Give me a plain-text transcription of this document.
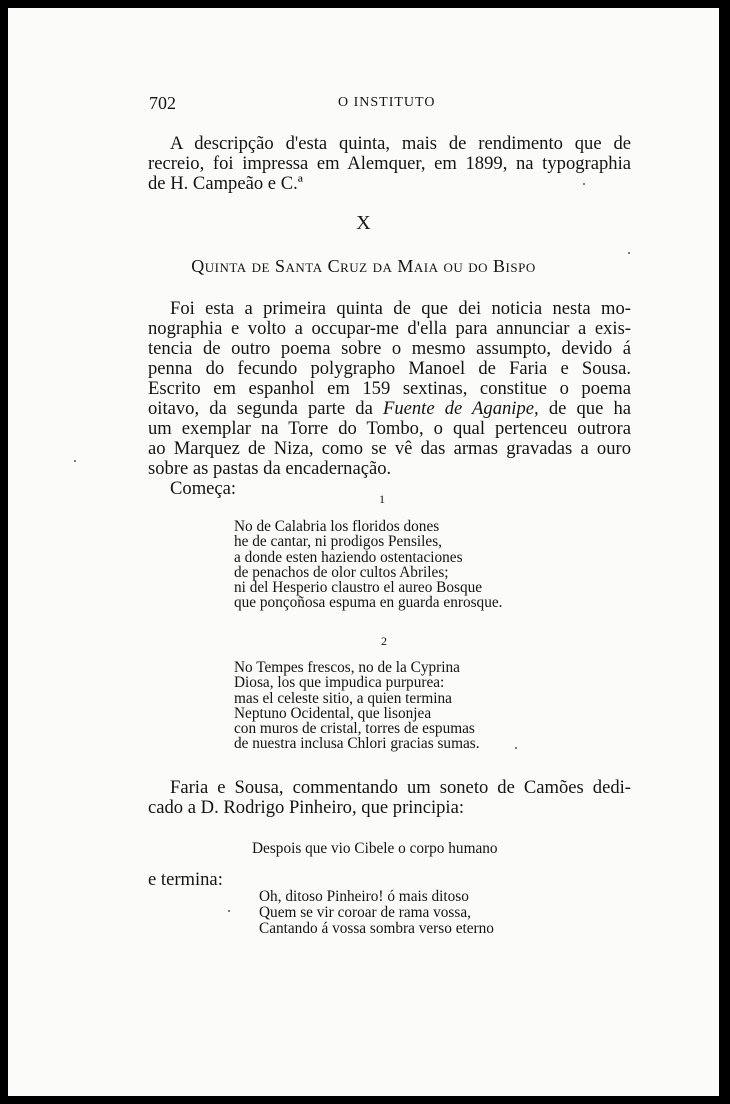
702	O INSTITUTO
A descripção d'esta quinta, mais de rendimento que de
recreio, foi impressa em Alemquer, em 1899, na typographia
de H. Campeão e C.ª

X

Quinta de Santa Cruz da Maia ou do Bispo

Foi esta a primeira quinta de que dei noticia nesta mo-
nographia e volto a occupar-me d'ella para annunciar a exis-
tencia de outro poema sobre o mesmo assumpto, devido á
penna do fecundo polygrapho Manoel de Faria e Sousa.
Escrito em espanhol em 159 sextinas, constitue o poema
oitavo, da segunda parte da Fuente de Aganipe, de que ha
um exemplar na Torre do Tombo, o qual pertenceu outrora
ao Marquez de Niza, como se vê das armas gravadas a ouro
sobre as pastas da encadernação.
Começa:	1

No de Calabria los floridos dones
he de cantar, ni prodigos Pensiles,
a donde esten haziendo ostentaciones
de penachos de olor cultos Abriles;
ni del Hesperio claustro el aureo Bosque
que ponçoñosa espuma en guarda enrosque.

2

No Tempes frescos, no de la Cyprina
Diosa, los que impudica purpurea:
mas el celeste sitio, a quien termina
Neptuno Ocidental, que lisonjea
con muros de cristal, torres de espumas
de nuestra inclusa Chlori gracias sumas.
Faria e Sousa, commentando um soneto de Camões dedi-
cado a D. Rodrigo Pinheiro, que principia:

Despois que vio Cibele o corpo humano

e termina:

Oh, ditoso Pinheiro! ó mais ditoso
Quem se vir coroar de rama vossa,
Cantando á vossa sombra verso eterno
